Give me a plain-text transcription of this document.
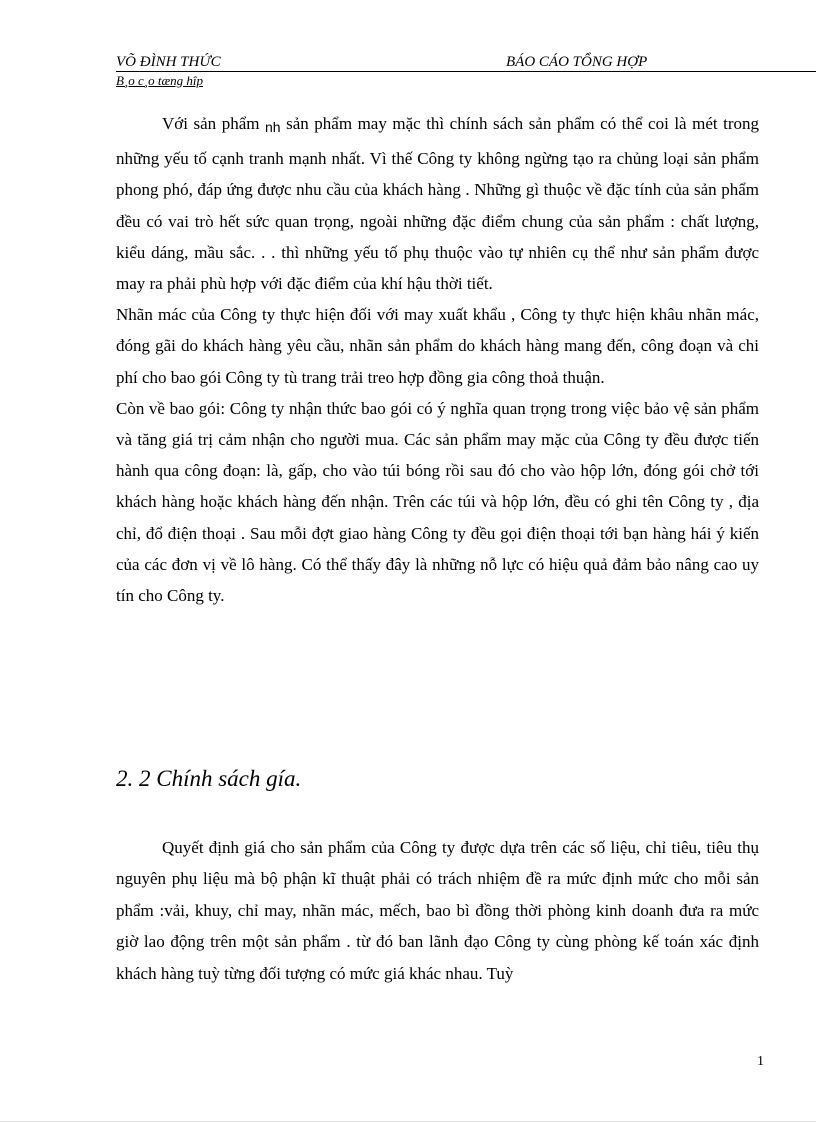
VÕ ĐÌNH THỨC	BÁO CÁO TỔNG HỢP
B¸o c¸o tæng hîp

Với sản phẩm nh sản phẩm may mặc thì chính sách sản phẩm có thể coi là mét trong những yếu tố cạnh tranh mạnh nhất. Vì thế Công ty không ngừng tạo ra chủng loại sản phẩm phong phó, đáp ứng được nhu cầu của khách hàng . Những gì thuộc về đặc tính của sản phẩm đều có vai trò hết sức quan trọng, ngoài những đặc điểm chung của sản phẩm : chất lượng, kiểu dáng, mầu sắc. . . thì những yếu tố phụ thuộc vào tự nhiên cụ thể như sản phẩm được may ra phải phù hợp với đặc điểm của khí hậu thời tiết.

Nhãn mác của Công ty thực hiện đối với may xuất khẩu , Công ty thực hiện khâu nhãn mác, đóng gãi do khách hàng yêu cầu, nhãn sản phẩm do khách hàng mang đến, công đoạn và chi phí cho bao gói Công ty tù trang trải treo hợp đồng gia công thoả thuận.

Còn về bao gói: Công ty nhận thức bao gói có ý nghĩa quan trọng trong việc bảo vệ sản phẩm và tăng giá trị cảm nhận cho người mua. Các sản phẩm may mặc của Công ty đều được tiến hành qua công đoạn: là, gấp, cho vào túi bóng rồi sau đó cho vào hộp lớn, đóng gói chở tới khách hàng hoặc khách hàng đến nhận. Trên các túi và hộp lớn, đều có ghi tên Công ty , địa chỉ, đổ điện thoại . Sau mỗi đợt giao hàng Công ty đều gọi điện thoại tới bạn hàng hái ý kiến của các đơn vị về lô hàng. Có thể thấy đây là những nỗ lực có hiệu quả đảm bảo nâng cao uy tín cho Công ty.

2. 2 Chính sách gía.

Quyết định giá cho sản phẩm của Công ty được dựa trên các số liệu, chỉ tiêu, tiêu thụ nguyên phụ liệu mà bộ phận kĩ thuật phải có trách nhiệm đề ra mức định mức cho mỗi sản phẩm :vải, khuy, chỉ may, nhãn mác, mếch, bao bì đồng thời phòng kinh doanh đưa ra mức giờ lao động trên một sản phẩm . từ đó ban lãnh đạo Công ty cùng phòng kế toán xác định khách hàng tuỳ từng đối tượng có mức giá khác nhau. Tuỳ

1
